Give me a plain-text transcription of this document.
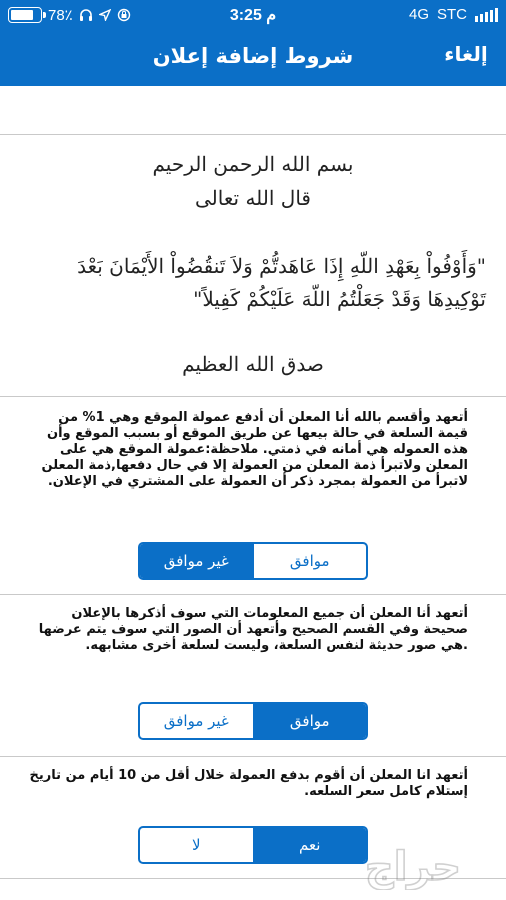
78٪	3:25 م	4G STC
شروط إضافة إعلان	إلغاء
بسم الله الرحمن الرحيم
قال الله تعالى
"وَأَوْفُواْ بِعَهْدِ اللّهِ إِذَا عَاهَدتُّمْ وَلاَ تَنقُضُواْ الأَيْمَانَ بَعْدَ تَوْكِيدِهَا وَقَدْ جَعَلْتُمُ اللّهَ عَلَيْكُمْ كَفِيلاً"
صدق الله العظيم
أتعهد وأقسم بالله أنا المعلن أن أدفع عمولة الموقع وهي 1% من قيمة السلعة في حالة بيعها عن طريق الموقع أو بسبب الموقع وأن هذه العموله هي أمانه في ذمتي. ملاحظة:عمولة الموقع هي على المعلن ولاتبرأ ذمة المعلن من العمولة إلا في حال دفعها,ذمة المعلن لاتبرأ من العمولة بمجرد ذكر أن العمولة على المشتري في الإعلان.
غير موافق	موافق
أتعهد أنا المعلن أن جميع المعلومات التي سوف أذكرها بالإعلان صحيحة وفي القسم الصحيح وأتعهد أن الصور التي سوف يتم عرضها .هي صور حديثة لنفس السلعة، وليست لسلعة أخرى مشابهه.
غير موافق	موافق
أتعهد انا المعلن أن أقوم بدفع العمولة خلال أقل من 10 أيام من تاريخ إستلام كامل سعر السلعه.
لا	نعم	حراج
